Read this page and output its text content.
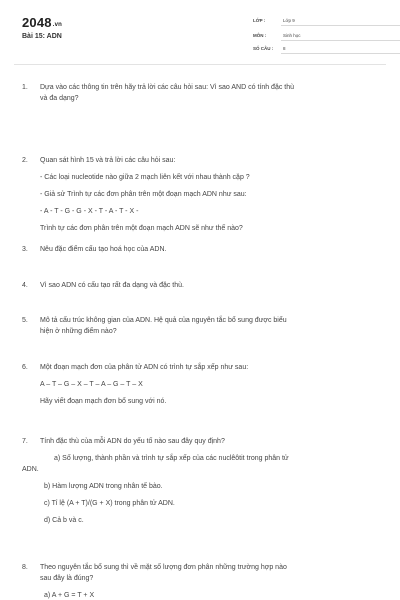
2048.vn
Bài 15: ADN
LỚP :	Lớp 9
MÔN :	Sinh học
SỐ CÂU :	8
1. Dựa vào các thông tin trên hãy trả lời các câu hỏi sau: Vì sao AND có tính đặc thù
và đa dạng?
2. Quan sát hình 15 và trả lời các câu hỏi sau:
- Các loại nucleotide nào giữa 2 mạch liên kết với nhau thành cặp ?
- Giả sử Trình tự các đơn phân trên một đoạn mạch ADN như sau:
- A - T - G - G - X - T - A - T - X -
Trình tự các đơn phân trên một đoạn mạch ADN sẽ như thế nào?
3. Nêu đặc điểm cấu tạo hoá học của ADN.
4. Vì sao ADN có cấu tạo rất đa dạng và đặc thù.
5. Mô tả cấu trúc không gian của ADN. Hệ quả của nguyên tắc bổ sung được biểu
hiện ở những điểm nào?
6. Một đoạn mạch đơn của phân tử ADN có trình tự sắp xếp như sau:
A – T – G – X – T – A – G – T – X
Hãy viết đoạn mạch đơn bổ sung với nó.
7. Tính đặc thù của mỗi ADN do yếu tố nào sau đây quy định?
a) Số lượng, thành phần và trình tự sắp xếp của các nuclêôtit trong phân tử
ADN.
b) Hàm lượng ADN trong nhân tế bào.
c) Tỉ lệ (A + T)/(G + X) trong phân tử ADN.
d) Cả b và c.
8. Theo nguyên tắc bổ sung thì về mặt số lượng đơn phân những trường hợp nào
sau đây là đúng?
a) A + G = T + X
